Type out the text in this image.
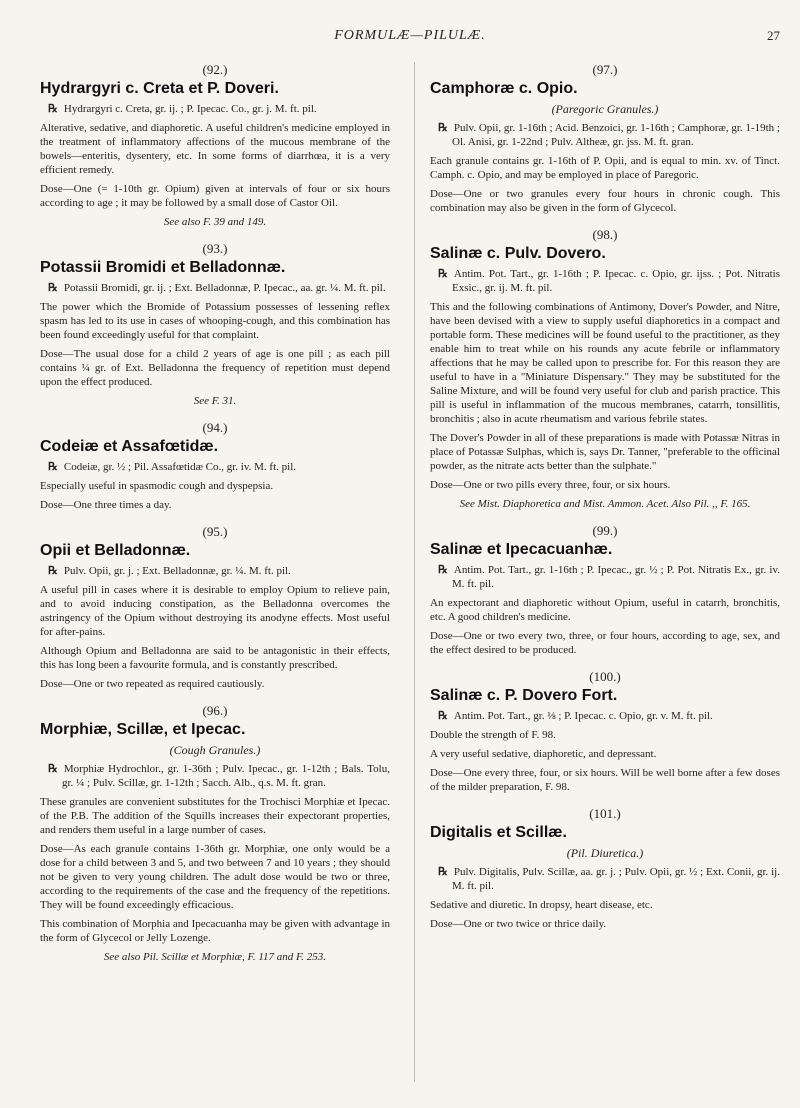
FORMULÆ—PILULÆ.	27
(92.)
Hydrargyri c. Creta et P. Doveri.

℞ Hydrargyri c. Creta, gr. ij. ; P. Ipecac. Co., gr. j. M. ft. pil.

Alterative, sedative, and diaphoretic. A useful children's medicine employed in the treatment of inflammatory affections of the mucous membrane of the bowels—enteritis, dysentery, etc. In some forms of diarrhœa, it is a very efficient remedy.

Dose—One (= 1-10th gr. Opium) given at intervals of four or six hours according to age ; it may be followed by a small dose of Castor Oil.

See also F. 39 and 149.

(93.)
Potassii Bromidi et Belladonnæ.

℞ Potassii Bromidi, gr. ij. ; Ext. Belladonnæ, P. Ipecac., aa. gr. ¼. M. ft. pil.

The power which the Bromide of Potassium possesses of lessening reflex spasm has led to its use in cases of whooping-cough, and this combination has been found exceedingly useful for that complaint.

Dose—The usual dose for a child 2 years of age is one pill ; as each pill contains ¼ gr. of Ext. Belladonna the frequency of repetition must depend upon the effect produced.

See F. 31.

(94.)
Codeiæ et Assafœtidæ.

℞ Codeiæ, gr. ½ ; Pil. Assafœtidæ Co., gr. iv. M. ft. pil.

Especially useful in spasmodic cough and dyspepsia.

Dose—One three times a day.

(95.)
Opii et Belladonnæ.

℞ Pulv. Opii, gr. j. ; Ext. Belladonnæ, gr. ¼. M. ft. pil.

A useful pill in cases where it is desirable to employ Opium to relieve pain, and to avoid inducing constipation, as the Belladonna overcomes the astringency of the Opium without destroying its anodyne effects. Most useful for after-pains.

Although Opium and Belladonna are said to be antagonistic in their effects, this has long been a favourite formula, and is constantly prescribed.

Dose—One or two repeated as required cautiously.

(96.)
Morphiæ, Scillæ, et Ipecac.
(Cough Granules.)

℞ Morphiæ Hydrochlor., gr. 1-36th ; Pulv. Ipecac., gr. 1-12th ; Bals. Tolu, gr. ¼ ; Pulv. Scillæ, gr. 1-12th ; Sacch. Alb., q.s. M. ft. gran.

These granules are convenient substitutes for the Trochisci Morphiæ et Ipecac. of the P.B. The addition of the Squills increases their expectorant properties, and renders them useful in a large number of cases.

Dose—As each granule contains 1-36th gr. Morphiæ, one only would be a dose for a child between 3 and 5, and two between 7 and 10 years ; they should not be given to very young children. The adult dose would be two or three, according to the requirements of the case and the frequency of the repetitions. They will be found exceedingly efficacious.

This combination of Morphia and Ipecacuanha may be given with advantage in the form of Glycecol or Jelly Lozenge.

See also Pil. Scillæ et Morphiæ, F. 117 and F. 253.

(97.)
Camphoræ c. Opio.
(Paregoric Granules.)

℞ Pulv. Opii, gr. 1-16th ; Acid. Benzoici, gr. 1-16th ; Camphoræ, gr. 1-19th ; Ol. Anisi, gr. 1-22nd ; Pulv. Altheæ, gr. jss. M. ft. gran.

Each granule contains gr. 1-16th of P. Opii, and is equal to min. xv. of Tinct. Camph. c. Opio, and may be employed in place of Paregoric.

Dose—One or two granules every four hours in chronic cough. This combination may also be given in the form of Glycecol.

(98.)
Salinæ c. Pulv. Dovero.

℞ Antim. Pot. Tart., gr. 1-16th ; P. Ipecac. c. Opio, gr. ijss. ; Pot. Nitratis Exsic., gr. ij. M. ft. pil.

This and the following combinations of Antimony, Dover's Powder, and Nitre, have been devised with a view to supply useful diaphoretics in a compact and portable form. These medicines will be found useful to the practitioner, as they enable him to treat while on his rounds any acute febrile or inflammatory affections that he may be called upon to prescribe for. For this reason they are useful to have in a "Miniature Dispensary." They may be substituted for the Saline Mixture, and will be found very useful for club and parish practice. This pill is useful in inflammation of the mucous membranes, catarrh, tonsillitis, bronchitis ; also in acute rheumatism and various febrile states.

The Dover's Powder in all of these preparations is made with Potassæ Nitras in place of Potassæ Sulphas, which is, says Dr. Tanner, "preferable to the officinal powder, as the nitrate acts better than the sulphate."

Dose—One or two pills every three, four, or six hours.

See Mist. Diaphoretica and Mist. Ammon. Acet. Also Pil. ,, F. 165.

(99.)
Salinæ et Ipecacuanhæ.

℞ Antim. Pot. Tart., gr. 1-16th ; P. Ipecac., gr. ½ ; P. Pot. Nitratis Ex., gr. iv. M. ft. pil.

An expectorant and diaphoretic without Opium, useful in catarrh, bronchitis, etc. A good children's medicine.

Dose—One or two every two, three, or four hours, according to age, sex, and the effect desired to be produced.

(100.)
Salinæ c. P. Dovero Fort.

℞ Antim. Pot. Tart., gr. ⅛ ; P. Ipecac. c. Opio, gr. v. M. ft. pil.

Double the strength of F. 98.

A very useful sedative, diaphoretic, and depressant.

Dose—One every three, four, or six hours. Will be well borne after a few doses of the milder preparation, F. 98.

(101.)
Digitalis et Scillæ.
(Pil. Diuretica.)

℞ Pulv. Digitalis, Pulv. Scillæ, aa. gr. j. ; Pulv. Opii, gr. ½ ; Ext. Conii, gr. ij. M. ft. pil.

Sedative and diuretic. In dropsy, heart disease, etc.

Dose—One or two twice or thrice daily.
